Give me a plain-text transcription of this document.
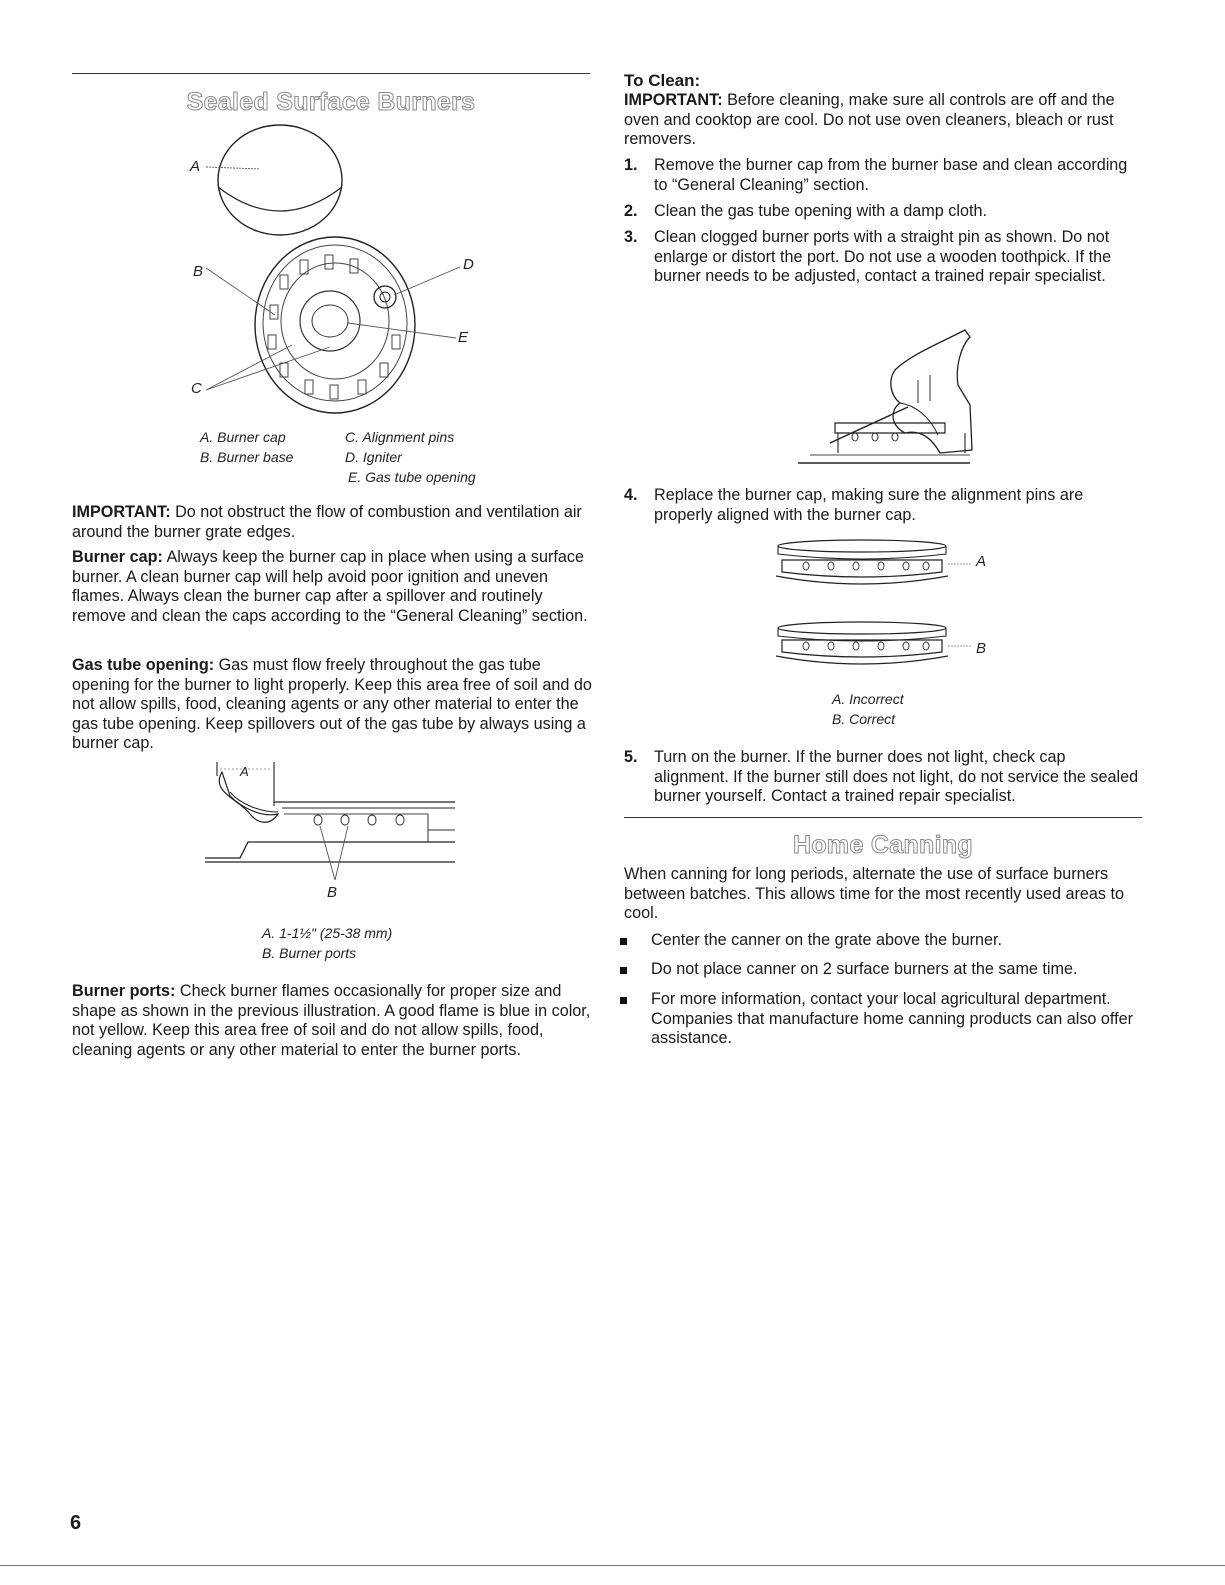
Sealed Surface Burners
A
B
C
D
E
A. Burner cap
B. Burner base
C. Alignment pins
D. Igniter
E. Gas tube opening
IMPORTANT: Do not obstruct the flow of combustion and ventilation air around the burner grate edges.
Burner cap: Always keep the burner cap in place when using a surface burner. A clean burner cap will help avoid poor ignition and uneven flames. Always clean the burner cap after a spillover and routinely remove and clean the caps according to the “General Cleaning” section.
Gas tube opening: Gas must flow freely throughout the gas tube opening for the burner to light properly. Keep this area free of soil and do not allow spills, food, cleaning agents or any other material to enter the gas tube opening. Keep spillovers out of the gas tube by always using a burner cap.
A
B
A. 1-1½" (25-38 mm)
B. Burner ports
Burner ports: Check burner flames occasionally for proper size and shape as shown in the previous illustration. A good flame is blue in color, not yellow. Keep this area free of soil and do not allow spills, food, cleaning agents or any other material to enter the burner ports.
To Clean:
IMPORTANT: Before cleaning, make sure all controls are off and the oven and cooktop are cool. Do not use oven cleaners, bleach or rust removers.
1.	Remove the burner cap from the burner base and clean according to “General Cleaning” section.
2.	Clean the gas tube opening with a damp cloth.
3.	Clean clogged burner ports with a straight pin as shown. Do not enlarge or distort the port. Do not use a wooden toothpick. If the burner needs to be adjusted, contact a trained repair specialist.
4.	Replace the burner cap, making sure the alignment pins are properly aligned with the burner cap.
A
B
A. Incorrect
B. Correct
5.	Turn on the burner. If the burner does not light, check cap alignment. If the burner still does not light, do not service the sealed burner yourself. Contact a trained repair specialist.
Home Canning
When canning for long periods, alternate the use of surface burners between batches. This allows time for the most recently used areas to cool.
Center the canner on the grate above the burner.
Do not place canner on 2 surface burners at the same time.
For more information, contact your local agricultural department. Companies that manufacture home canning products can also offer assistance.
6
